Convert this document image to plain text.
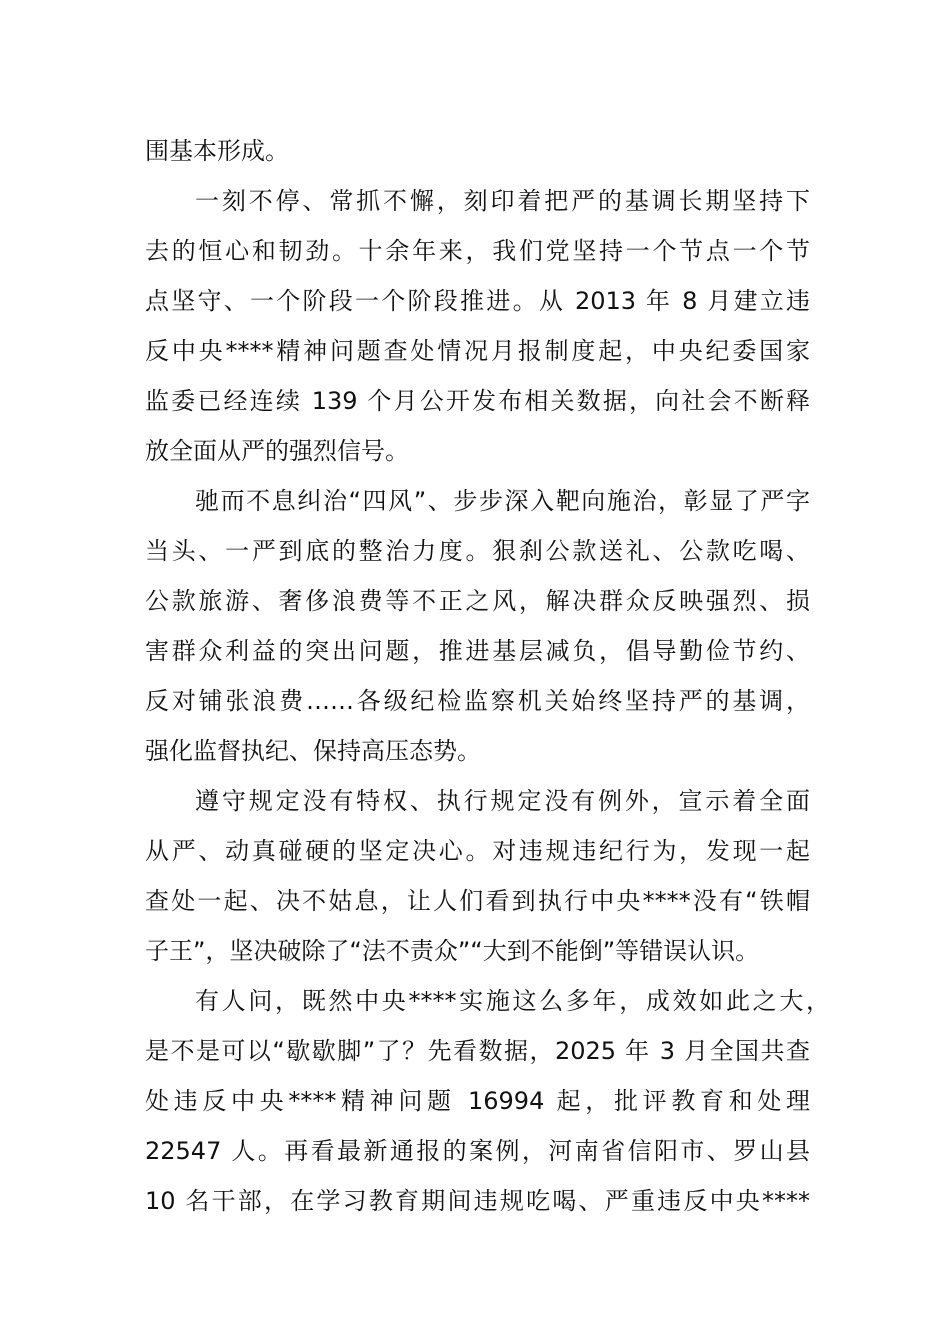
围基本形成。
一刻不停、常抓不懈，刻印着把严的基调长期坚持下
去的恒心和韧劲。十余年来，我们党坚持一个节点一个节
点坚守、一个阶段一个阶段推进。从 2013 年 8 月建立违
反中央****精神问题查处情况月报制度起，中央纪委国家
监委已经连续 139 个月公开发布相关数据，向社会不断释
放全面从严的强烈信号。
驰而不息纠治“四风”、步步深入靶向施治，彰显了严字
当头、一严到底的整治力度。狠刹公款送礼、公款吃喝、
公款旅游、奢侈浪费等不正之风，解决群众反映强烈、损
害群众利益的突出问题，推进基层减负，倡导勤俭节约、
反对铺张浪费……各级纪检监察机关始终坚持严的基调，
强化监督执纪、保持高压态势。
遵守规定没有特权、执行规定没有例外，宣示着全面
从严、动真碰硬的坚定决心。对违规违纪行为，发现一起
查处一起、决不姑息，让人们看到执行中央****没有“铁帽
子王”，坚决破除了“法不责众”“大到不能倒”等错误认识。
有人问，既然中央****实施这么多年，成效如此之大，
是不是可以“歇歇脚”了？先看数据，2025 年 3 月全国共查
处违反中央****精神问题 16994 起，批评教育和处理
22547 人。再看最新通报的案例，河南省信阳市、罗山县
10 名干部，在学习教育期间违规吃喝、严重违反中央****
